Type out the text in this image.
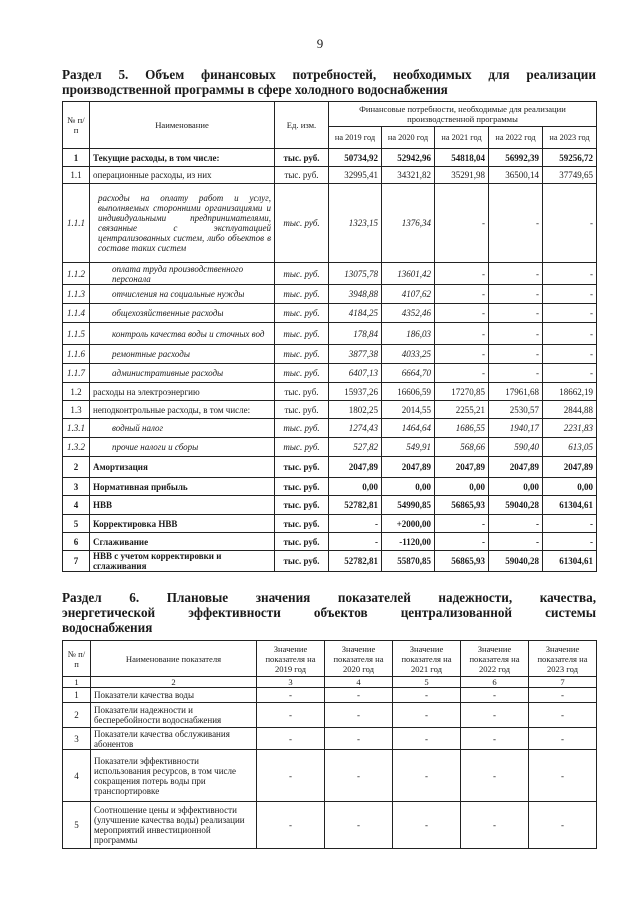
9
Раздел 5. Объем финансовых потребностей, необходимых для реализации
производственной программы в сфере холодного водоснабжения
№ п/п	Наименование	Ед. изм.	Финансовые потребности, необходимые для реализации производственной программы				
			на 2019 год	на 2020 год	на 2021 год	на 2022 год	на 2023 год
1	Текущие расходы, в том числе:	тыс. руб.	50734,92	52942,96	54818,04	56992,39	59256,72
1.1	операционные расходы, из них	тыс. руб.	32995,41	34321,82	35291,98	36500,14	37749,65
1.1.1	расходы на оплату работ и услуг, выполняемых сторонними организациями и индивидуальными предпринимателями, связанные с эксплуатацией централизованных систем, либо объектов в составе таких систем	тыс. руб.	1323,15	1376,34	-	-	-
1.1.2	оплата труда производственного персонала	тыс. руб.	13075,78	13601,42	-	-	-
1.1.3	отчисления на социальные нужды	тыс. руб.	3948,88	4107,62	-	-	-
1.1.4	общехозяйственные расходы	тыс. руб.	4184,25	4352,46	-	-	-
1.1.5	контроль качества воды и сточных вод	тыс. руб.	178,84	186,03	-	-	-
1.1.6	ремонтные расходы	тыс. руб.	3877,38	4033,25	-	-	-
1.1.7	административные расходы	тыс. руб.	6407,13	6664,70	-	-	-
1.2	расходы на электроэнергию	тыс. руб.	15937,26	16606,59	17270,85	17961,68	18662,19
1.3	неподконтрольные расходы, в том числе:	тыс. руб.	1802,25	2014,55	2255,21	2530,57	2844,88
1.3.1	водный налог	тыс. руб.	1274,43	1464,64	1686,55	1940,17	2231,83
1.3.2	прочие налоги и сборы	тыс. руб.	527,82	549,91	568,66	590,40	613,05
2	Амортизация	тыс. руб.	2047,89	2047,89	2047,89	2047,89	2047,89
3	Нормативная прибыль	тыс. руб.	0,00	0,00	0,00	0,00	0,00
4	НВВ	тыс. руб.	52782,81	54990,85	56865,93	59040,28	61304,61
5	Корректировка НВВ	тыс. руб.	-	+2000,00	-	-	-
6	Сглаживание	тыс. руб.	-	-1120,00	-	-	-
7	НВВ с учетом корректировки и сглаживания	тыс. руб.	52782,81	55870,85	56865,93	59040,28	61304,61
Раздел 6. Плановые значения показателей надежности, качества,
энергетической эффективности объектов централизованной системы
водоснабжения
№ п/п	Наименование показателя	Значение показателя на 2019 год	Значение показателя на 2020 год	Значение показателя на 2021 год	Значение показателя на 2022 год	Значение показателя на 2023 год
1	2	3	4	5	6	7
1	Показатели качества воды	-	-	-	-	-
2	Показатели надежности и бесперебойности водоснабжения	-	-	-	-	-
3	Показатели качества обслуживания абонентов	-	-	-	-	-
4	Показатели эффективности использования ресурсов, в том числе сокращения потерь воды при транспортировке	-	-	-	-	-
5	Соотношение цены и эффективности (улучшение качества воды) реализации мероприятий инвестиционной программы	-	-	-	-	-
